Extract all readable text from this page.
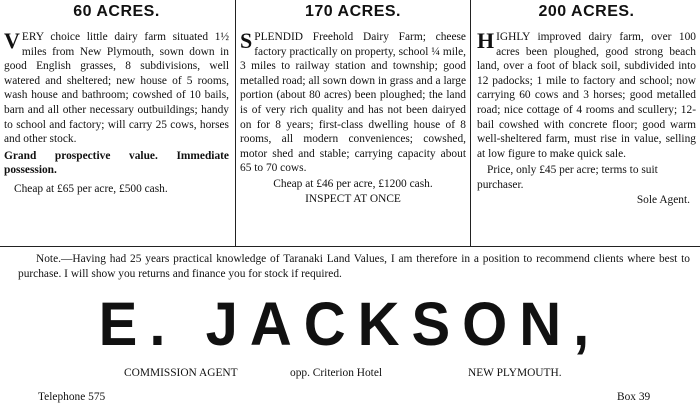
60 ACRES.
VERY choice little dairy farm situated 1½ miles from New Plymouth, sown down in good English grasses, 8 subdivisions, well watered and sheltered; new house of 5 rooms, wash house and bathroom; cowshed of 10 bails, barn and all other necessary outbuildings; handy to school and factory; will carry 25 cows, horses and other stock.
Grand prospective value. Immediate possession.
Cheap at £65 per acre, £500 cash.
170 ACRES.
SPLENDID Freehold Dairy Farm; cheese factory practically on property, school ¼ mile, 3 miles to railway station and township; good metalled road; all sown down in grass and a large portion (about 80 acres) been ploughed; the land is of very rich quality and has not been dairyed on for 8 years; first-class dwelling house of 8 rooms, all modern conveniences; cowshed, motor shed and stable; carrying capacity about 65 to 70 cows.
Cheap at £46 per acre, £1200 cash.
INSPECT AT ONCE
200 ACRES.
HIGHLY improved dairy farm, over 100 acres been ploughed, good strong beach land, over a foot of black soil, subdivided into 12 padocks; 1 mile to factory and school; now carrying 60 cows and 3 horses; good metalled road; nice cottage of 4 rooms and scullery; 12-bail cowshed with concrete floor; good warm well-sheltered farm, must rise in value, selling at low figure to make quick sale.
Price, only £45 per acre; terms to suit purchaser.
Sole Agent.
Note.—Having had 25 years practical knowledge of Taranaki Land Values, I am therefore in a position to recommend clients where best to purchase. I will show you returns and finance you for stock if required.
E. JACKSON,
COMMISSION AGENT	opp. Criterion Hotel	NEW PLYMOUTH.
Telephone 575	Box 39
